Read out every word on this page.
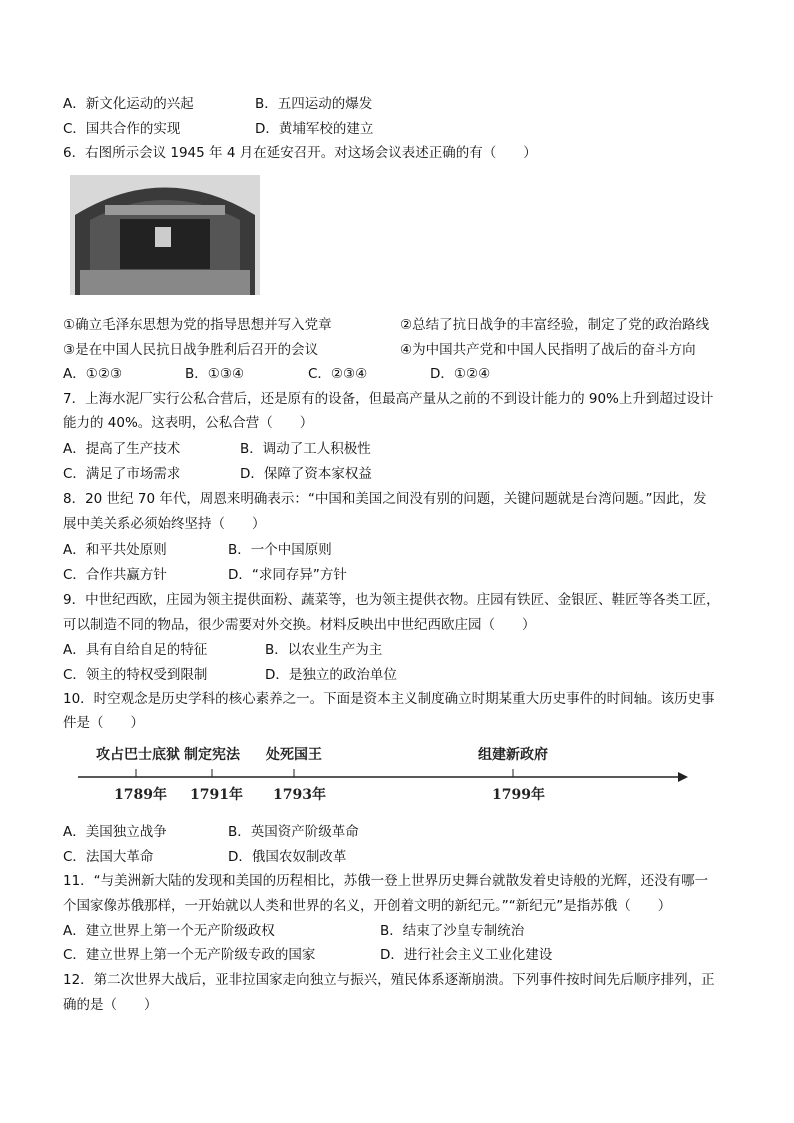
A．新文化运动的兴起	B．五四运动的爆发
C．国共合作的实现	D．黄埔军校的建立
6．右图所示会议 1945 年 4 月在延安召开。对这场会议表述正确的有（　　）
①确立毛泽东思想为党的指导思想并写入党章	②总结了抗日战争的丰富经验，制定了党的政治路线
③是在中国人民抗日战争胜利后召开的会议	④为中国共产党和中国人民指明了战后的奋斗方向
A．①②③	B．①③④	C．②③④	D．①②④
7．上海水泥厂实行公私合营后，还是原有的设备，但最高产量从之前的不到设计能力的 90%上升到超过设计
能力的 40%。这表明，公私合营（　　）
A．提高了生产技术	B．调动了工人积极性
C．满足了市场需求	D．保障了资本家权益
8．20 世纪 70 年代，周恩来明确表示：“中国和美国之间没有别的问题，关键问题就是台湾问题。”因此，发
展中美关系必须始终坚持（　　）
A．和平共处原则	B．一个中国原则
C．合作共赢方针	D．“求同存异”方针
9．中世纪西欧，庄园为领主提供面粉、蔬菜等，也为领主提供衣物。庄园有铁匠、金银匠、鞋匠等各类工匠，
可以制造不同的物品，很少需要对外交换。材料反映出中世纪西欧庄园（　　）
A．具有自给自足的特征	B．以农业生产为主
C．领主的特权受到限制	D．是独立的政治单位
10．时空观念是历史学科的核心素养之一。下面是资本主义制度确立时期某重大历史事件的时间轴。该历史事
件是（　　）
攻占巴士底狱
1789年
制定宪法
1791年
处死国王
1793年
组建新政府
1799年
A．美国独立战争	B．英国资产阶级革命
C．法国大革命	D．俄国农奴制改革
11．“与美洲新大陆的发现和美国的历程相比，苏俄一登上世界历史舞台就散发着史诗般的光辉，还没有哪一
个国家像苏俄那样，一开始就以人类和世界的名义，开创着文明的新纪元。”“新纪元”是指苏俄（　　）
A．建立世界上第一个无产阶级政权	B．结束了沙皇专制统治
C．建立世界上第一个无产阶级专政的国家	D．进行社会主义工业化建设
12．第二次世界大战后，亚非拉国家走向独立与振兴，殖民体系逐渐崩溃。下列事件按时间先后顺序排列，正
确的是（　　）
